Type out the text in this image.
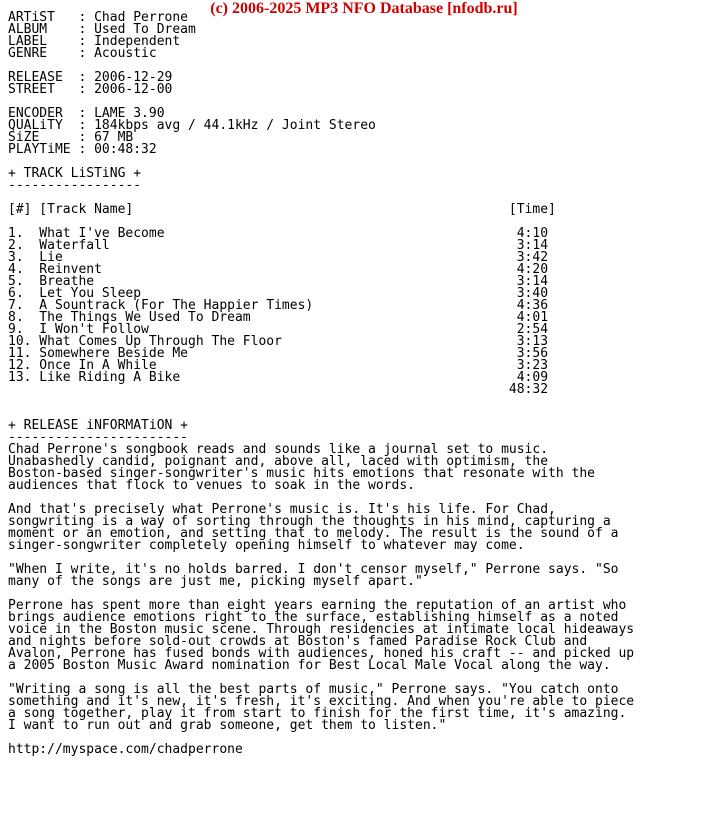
(c) 2006-2025 MP3 NFO Database [nfodb.ru]
ARTiST   : Chad Perrone
ALBUM    : Used To Dream
LABEL    : Independent
GENRE    : Acoustic
RELEASE  : 2006-12-29
STREET   : 2006-12-00
ENCODER  : LAME 3.90
QUALiTY  : 184kbps avg / 44.1kHz / Joint Stereo
SiZE     : 67 MB
PLAYTiME : 00:48:32
+ TRACK LiSTiNG +
-----------------
[#] [Track Name]                                                [Time]
1.  What I've Become                                             4:10
2.  Waterfall                                                    3:14
3.  Lie                                                          3:42
4.  Reinvent                                                     4:20
5.  Breathe                                                      3:14
6.  Let You Sleep                                                3:40
7.  A Sountrack (For The Happier Times)                          4:36
8.  The Things We Used To Dream                                  4:01
9.  I Won't Follow                                               2:54
10. What Comes Up Through The Floor                              3:13
11. Somewhere Beside Me                                          3:56
12. Once In A While                                              3:23
13. Like Riding A Bike                                           4:09
48:32
+ RELEASE iNFORMATiON +
-----------------------
Chad Perrone's songbook reads and sounds like a journal set to music.
Unabashedly candid, poignant and, above all, laced with optimism, the
Boston-based singer-songwriter's music hits emotions that resonate with the
audiences that flock to venues to soak in the words.
And that's precisely what Perrone's music is. It's his life. For Chad,
songwriting is a way of sorting through the thoughts in his mind, capturing a
moment or an emotion, and setting that to melody. The result is the sound of a
singer-songwriter completely opening himself to whatever may come.
"When I write, it's no holds barred. I don't censor myself," Perrone says. "So
many of the songs are just me, picking myself apart."
Perrone has spent more than eight years earning the reputation of an artist who
brings audience emotions right to the surface, establishing himself as a noted
voice in the Boston music scene. Through residencies at intimate local hideaways
and nights before sold-out crowds at Boston's famed Paradise Rock Club and
Avalon, Perrone has fused bonds with audiences, honed his craft -- and picked up
a 2005 Boston Music Award nomination for Best Local Male Vocal along the way.
"Writing a song is all the best parts of music," Perrone says. "You catch onto
something and it's new, it's fresh, it's exciting. And when you're able to piece
a song together, play it from start to finish for the first time, it's amazing.
I want to run out and grab someone, get them to listen."
http://myspace.com/chadperrone
